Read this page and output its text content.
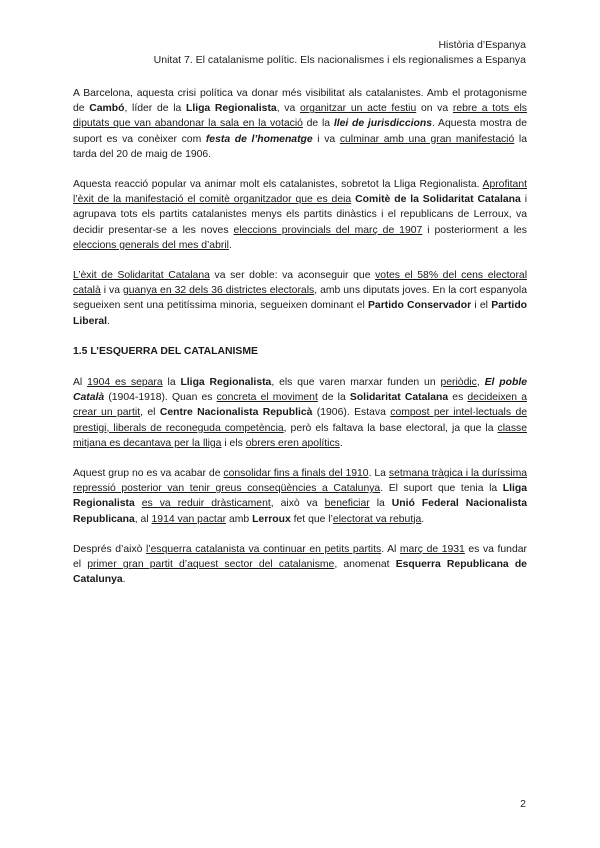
Història d’Espanya
Unitat 7. El catalanisme polític. Els nacionalismes i els regionalismes a Espanya

A Barcelona, aquesta crisi política va donar més visibilitat als catalanistes. Amb el protagonisme de Cambó, líder de la Lliga Regionalista, va organitzar un acte festiu on va rebre a tots els diputats que van abandonar la sala en la votació de la llei de jurisdiccions. Aquesta mostra de suport es va conèixer com festa de l’homenatge i va culminar amb una gran manifestació la tarda del 20 de maig de 1906.

Aquesta reacció popular va animar molt els catalanistes, sobretot la Lliga Regionalista. Aprofitant l’èxit de la manifestació el comitè organitzador que es deia Comitè de la Solidaritat Catalana i agrupava tots els partits catalanistes menys els partits dinàstics i el republicans de Lerroux, va decidir presentar-se a les noves eleccions provincials del març de 1907 i posteriorment a les eleccions generals del mes d’abril.

L’èxit de Solidaritat Catalana va ser doble: va aconseguir que votes el 58% del cens electoral català i va guanya en 32 dels 36 districtes electorals, amb uns diputats joves. En la cort espanyola segueixen sent una petitíssima minoria, segueixen dominant el Partido Conservador i el Partido Liberal.

1.5 L’ESQUERRA DEL CATALANISME

Al 1904 es separa la Lliga Regionalista, els que varen marxar funden un periòdic, El poble Català (1904-1918). Quan es concreta el moviment de la Solidaritat Catalana es decideixen a crear un partit, el Centre Nacionalista Republicà (1906). Estava compost per intel·lectuals de prestigi, liberals de reconeguda competència, però els faltava la base electoral, ja que la classe mitjana es decantava per la lliga i els obrers eren apolítics.

Aquest grup no es va acabar de consolidar fins a finals del 1910. La setmana tràgica i la duríssima repressió posterior van tenir greus conseqüències a Catalunya. El suport que tenia la Lliga Regionalista es va reduir dràsticament, això va beneficiar la Unió Federal Nacionalista Republicana, al 1914 van pactar amb Lerroux fet que l’electorat va rebutja.

Després d’això l’esquerra catalanista va continuar en petits partits. Al març de 1931 es va fundar el primer gran partit d’aquest sector del catalanisme, anomenat Esquerra Republicana de Catalunya.

2
